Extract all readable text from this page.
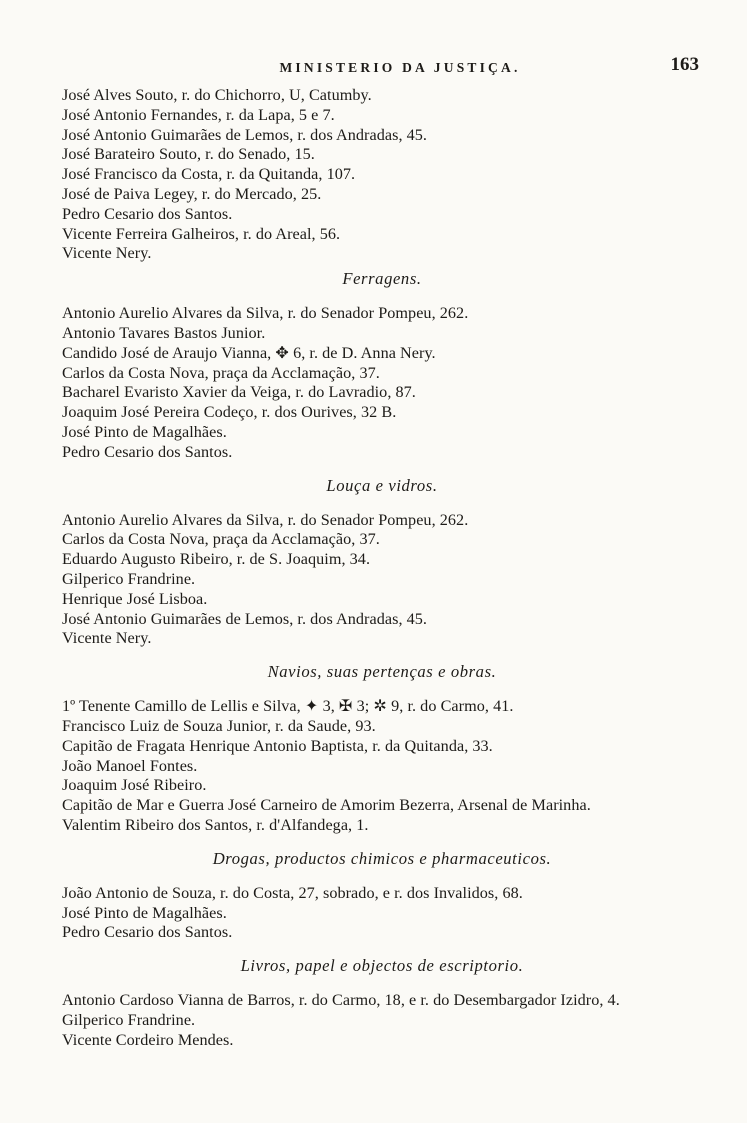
MINISTERIO DA JUSTIÇA.	163
José Alves Souto, r. do Chichorro, U, Catumby.
José Antonio Fernandes, r. da Lapa, 5 e 7.
José Antonio Guimarães de Lemos, r. dos Andradas, 45.
José Barateiro Souto, r. do Senado, 15.
José Francisco da Costa, r. da Quitanda, 107.
José de Paiva Legey, r. do Mercado, 25.
Pedro Cesario dos Santos.
Vicente Ferreira Galheiros, r. do Areal, 56.
Vicente Nery.
Ferragens.
Antonio Aurelio Alvares da Silva, r. do Senador Pompeu, 262.
Antonio Tavares Bastos Junior.
Candido José de Araujo Vianna, ✥ 6, r. de D. Anna Nery.
Carlos da Costa Nova, praça da Acclamação, 37.
Bacharel Evaristo Xavier da Veiga, r. do Lavradio, 87.
Joaquim José Pereira Codeço, r. dos Ourives, 32 B.
José Pinto de Magalhães.
Pedro Cesario dos Santos.
Louça e vidros.
Antonio Aurelio Alvares da Silva, r. do Senador Pompeu, 262.
Carlos da Costa Nova, praça da Acclamação, 37.
Eduardo Augusto Ribeiro, r. de S. Joaquim, 34.
Gilperico Frandrine.
Henrique José Lisboa.
José Antonio Guimarães de Lemos, r. dos Andradas, 45.
Vicente Nery.
Navios, suas pertenças e obras.
1º Tenente Camillo de Lellis e Silva, ✦ 3, ✠ 3; ✲ 9, r. do Carmo, 41.
Francisco Luiz de Souza Junior, r. da Saude, 93.
Capitão de Fragata Henrique Antonio Baptista, r. da Quitanda, 33.
João Manoel Fontes.
Joaquim José Ribeiro.
Capitão de Mar e Guerra José Carneiro de Amorim Bezerra, Arsenal de Marinha.
Valentim Ribeiro dos Santos, r. d'Alfandega, 1.
Drogas, productos chimicos e pharmaceuticos.
João Antonio de Souza, r. do Costa, 27, sobrado, e r. dos Invalidos, 68.
José Pinto de Magalhães.
Pedro Cesario dos Santos.
Livros, papel e objectos de escriptorio.
Antonio Cardoso Vianna de Barros, r. do Carmo, 18, e r. do Desembargador Izidro, 4.
Gilperico Frandrine.
Vicente Cordeiro Mendes.
